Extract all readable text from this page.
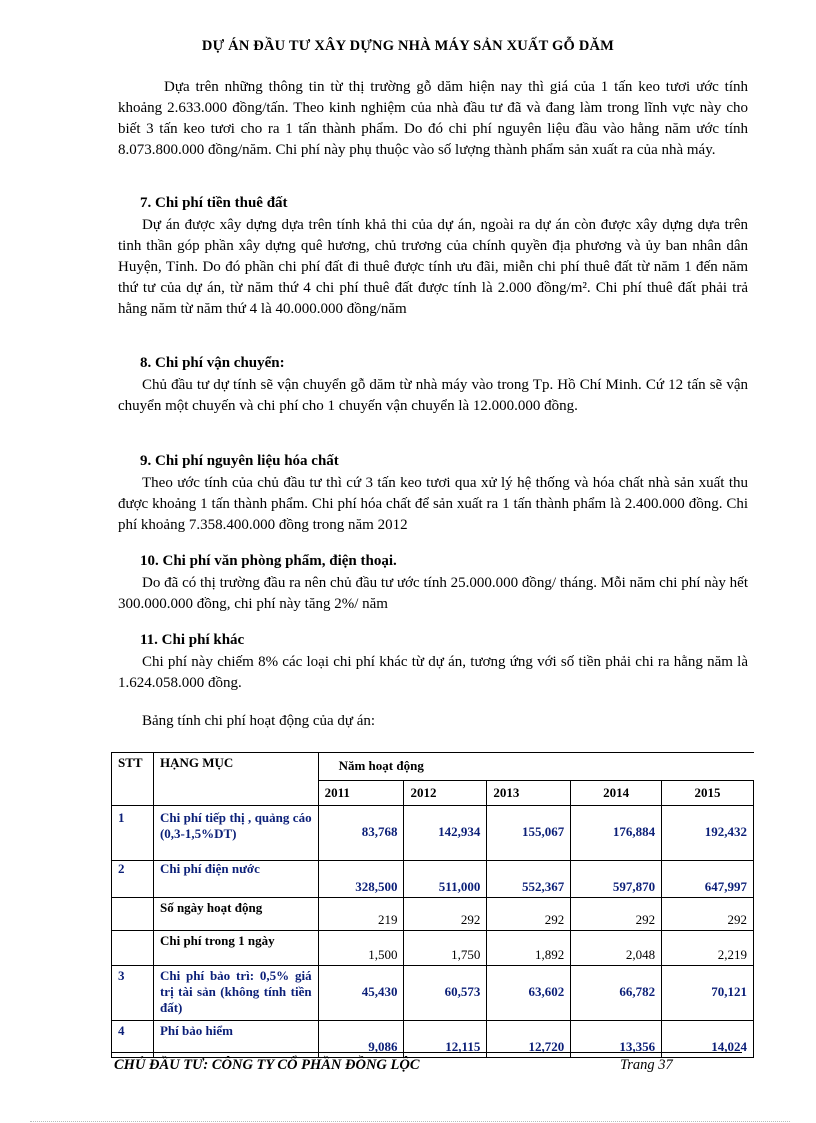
DỰ ÁN ĐẦU TƯ XÂY DỰNG NHÀ MÁY SẢN XUẤT GỖ DĂM
Dựa trên những thông tin từ thị trường gỗ dăm hiện nay thì giá của 1 tấn keo tươi ước tính khoảng 2.633.000 đồng/tấn. Theo kinh nghiệm của nhà đầu tư đã và đang làm trong lĩnh vực này cho biết 3 tấn keo tươi cho ra 1 tấn thành phẩm. Do đó chi phí nguyên liệu đầu vào hằng năm ước tính 8.073.800.000 đồng/năm. Chi phí này phụ thuộc vào số lượng thành phẩm sản xuất ra của nhà máy.
7. Chi phí tiền thuê đất
Dự án được xây dựng dựa trên tính khả thi của dự án, ngoài ra dự án còn được xây dựng dựa trên tinh thần góp phần xây dựng quê hương, chủ trương của chính quyền địa phương và ủy ban nhân dân Huyện, Tỉnh. Do đó phần chi phí đất đi thuê được tính ưu đãi, miễn chi phí thuê đất từ năm 1 đến năm thứ tư của dự án, từ năm thứ 4 chi phí thuê đất được tính là 2.000 đồng/m². Chi phí thuê đất phải trả hằng năm từ năm thứ 4 là 40.000.000 đồng/năm
8. Chi phí vận chuyển:
Chủ đầu tư dự tính sẽ vận chuyển gỗ dăm từ nhà máy vào trong Tp. Hồ Chí Minh. Cứ 12 tấn sẽ vận chuyển một chuyến và chi phí cho 1 chuyến vận chuyển là 12.000.000 đồng.
9. Chi phí nguyên liệu hóa chất
Theo ước tính của chủ đầu tư thì cứ 3 tấn keo tươi qua xử lý hệ thống và hóa chất nhà sản xuất thu được khoảng 1 tấn thành phẩm. Chi phí hóa chất để sản xuất ra 1 tấn thành phẩm là 2.400.000 đồng. Chi phí khoảng 7.358.400.000 đồng trong năm 2012
10. Chi phí văn phòng phẩm, điện thoại.
Do đã có thị trường đầu ra nên chủ đầu tư ước tính 25.000.000 đồng/ tháng. Mỗi năm chi phí này hết 300.000.000 đồng, chi phí này tăng 2%/ năm
11. Chi phí khác
Chi phí này chiếm 8% các loại chi phí khác từ dự án, tương ứng với số tiền phải chi ra hằng năm là 1.624.058.000 đồng.
Bảng tính chi phí hoạt động của dự án:
STT	HẠNG MỤC	Năm hoạt động				
		2011	2012	2013	2014	2015
1	Chi phí tiếp thị , quảng cáo (0,3-1,5%DT)	83,768	142,934	155,067	176,884	192,432
2	Chi phí điện nước	328,500	511,000	552,367	597,870	647,997
	Số ngày hoạt động	219	292	292	292	292
	Chi phí trong 1 ngày	1,500	1,750	1,892	2,048	2,219
3	Chi phí bảo trì: 0,5% giá trị tài sản (không tính tiền đất)	45,430	60,573	63,602	66,782	70,121
4	Phí bảo hiểm	9,086	12,115	12,720	13,356	14,024
CHỦ ĐẦU TƯ: CÔNG TY CỔ PHẦN ĐỒNG LỘC	Trang 37
